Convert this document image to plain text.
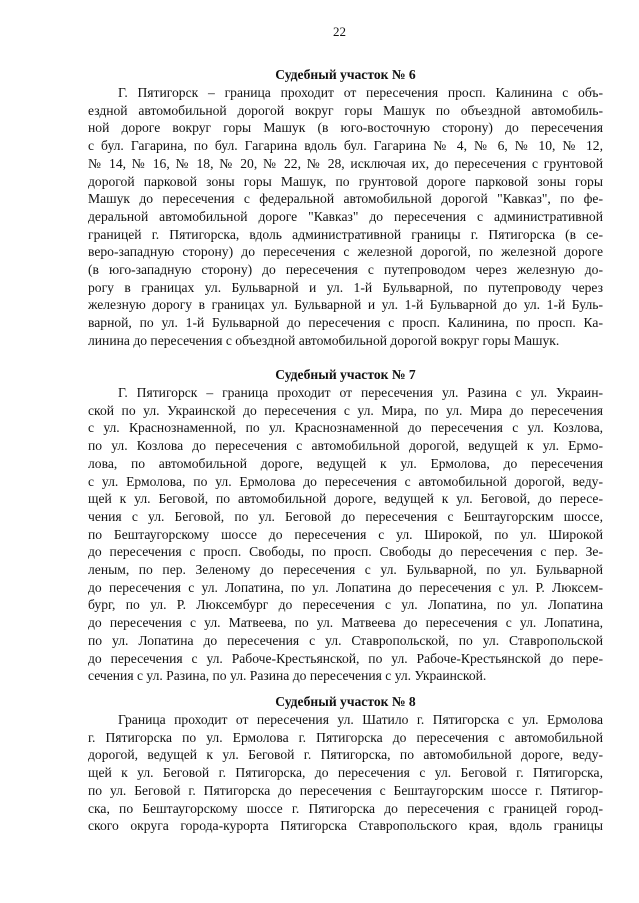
22
Судебный участок № 6
Г. Пятигорск – граница проходит от пересечения просп. Калинина с объ-
ездной автомобильной дорогой вокруг горы Машук по объездной автомобиль-
ной дороге вокруг горы Машук (в юго-восточную сторону) до пересечения
с бул. Гагарина, по бул. Гагарина вдоль бул. Гагарина № 4, № 6, № 10, № 12,
№ 14, № 16, № 18, № 20, № 22, № 28, исключая их, до пересечения с грунтовой
дорогой парковой зоны горы Машук, по грунтовой дороге парковой зоны горы
Машук до пересечения с федеральной автомобильной дорогой "Кавказ", по фе-
деральной автомобильной дороге "Кавказ" до пересечения с административной
границей г. Пятигорска, вдоль административной границы г. Пятигорска (в се-
веро-западную сторону) до пересечения с железной дорогой, по железной дороге
(в юго-западную сторону) до пересечения с путепроводом через железную до-
рогу в границах ул. Бульварной и ул. 1-й Бульварной, по путепроводу через
железную дорогу в границах ул. Бульварной и ул. 1-й Бульварной до ул. 1-й Буль-
варной, по ул. 1-й Бульварной до пересечения с просп. Калинина, по просп. Ка-
линина до пересечения с объездной автомобильной дорогой вокруг горы Машук.
Судебный участок № 7
Г. Пятигорск – граница проходит от пересечения ул. Разина с ул. Украин-
ской по ул. Украинской до пересечения с ул. Мира, по ул. Мира до пересечения
с ул. Краснознаменной, по ул. Краснознаменной до пересечения с ул. Козлова,
по ул. Козлова до пересечения с автомобильной дорогой, ведущей к ул. Ермо-
лова, по автомобильной дороге, ведущей к ул. Ермолова, до пересечения
с ул. Ермолова, по ул. Ермолова до пересечения с автомобильной дорогой, веду-
щей к ул. Беговой, по автомобильной дороге, ведущей к ул. Беговой, до пересе-
чения с ул. Беговой, по ул. Беговой до пересечения с Бештаугорским шоссе,
по Бештаугорскому шоссе до пересечения с ул. Широкой, по ул. Широкой
до пересечения с просп. Свободы, по просп. Свободы до пересечения с пер. Зе-
леным, по пер. Зеленому до пересечения с ул. Бульварной, по ул. Бульварной
до пересечения с ул. Лопатина, по ул. Лопатина до пересечения с ул. Р. Люксем-
бург, по ул. Р. Люксембург до пересечения с ул. Лопатина, по ул. Лопатина
до пересечения с ул. Матвеева, по ул. Матвеева до пересечения с ул. Лопатина,
по ул. Лопатина до пересечения с ул. Ставропольской, по ул. Ставропольской
до пересечения с ул. Рабоче-Крестьянской, по ул. Рабоче-Крестьянской до пере-
сечения с ул. Разина, по ул. Разина до пересечения с ул. Украинской.
Судебный участок № 8
Граница проходит от пересечения ул. Шатило г. Пятигорска с ул. Ермолова
г. Пятигорска по ул. Ермолова г. Пятигорска до пересечения с автомобильной
дорогой, ведущей к ул. Беговой г. Пятигорска, по автомобильной дороге, веду-
щей к ул. Беговой г. Пятигорска, до пересечения с ул. Беговой г. Пятигорска,
по ул. Беговой г. Пятигорска до пересечения с Бештаугорским шоссе г. Пятигор-
ска, по Бештаугорскому шоссе г. Пятигорска до пересечения с границей город-
ского округа города-курорта Пятигорска Ставропольского края, вдоль границы
